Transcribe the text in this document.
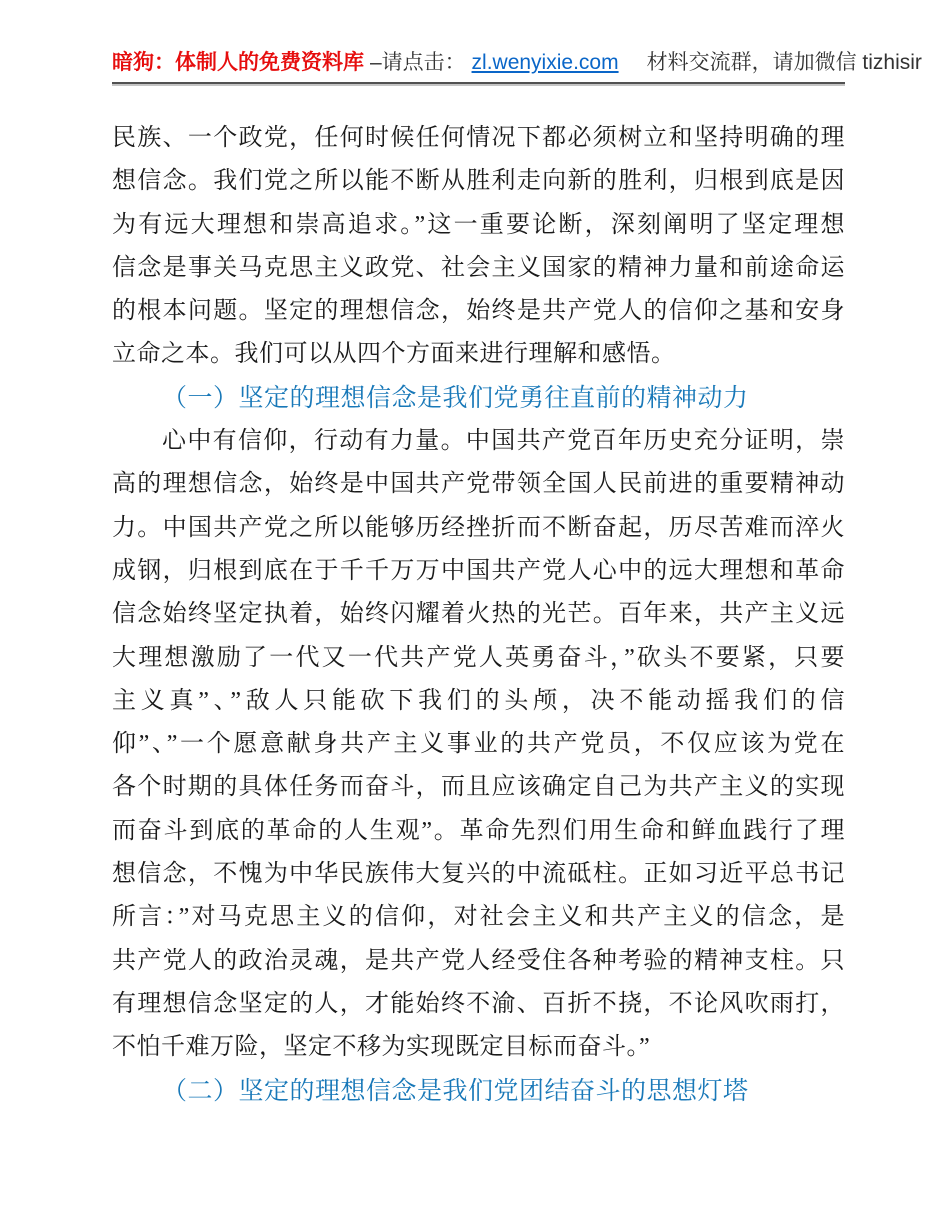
暗狗：体制人的免费资料库 –请点击： zl.wenyixie.com 材料交流群，请加微信 tizhisir
民族、一个政党，任何时候任何情况下都必须树立和坚持明确的理
想信念。我们党之所以能不断从胜利走向新的胜利，归根到底是因
为有远大理想和崇高追求。”这一重要论断，深刻阐明了坚定理想
信念是事关马克思主义政党、社会主义国家的精神力量和前途命运
的根本问题。坚定的理想信念，始终是共产党人的信仰之基和安身
立命之本。我们可以从四个方面来进行理解和感悟。
（一）坚定的理想信念是我们党勇往直前的精神动力
心中有信仰，行动有力量。中国共产党百年历史充分证明，崇
高的理想信念，始终是中国共产党带领全国人民前进的重要精神动
力。中国共产党之所以能够历经挫折而不断奋起，历尽苦难而淬火
成钢，归根到底在于千千万万中国共产党人心中的远大理想和革命
信念始终坚定执着，始终闪耀着火热的光芒。百年来，共产主义远
大理想激励了一代又一代共产党人英勇奋斗，”砍头不要紧，只要
主义真”、”敌人只能砍下我们的头颅，决不能动摇我们的信
仰”、”一个愿意献身共产主义事业的共产党员，不仅应该为党在
各个时期的具体任务而奋斗，而且应该确定自己为共产主义的实现
而奋斗到底的革命的人生观”。革命先烈们用生命和鲜血践行了理
想信念，不愧为中华民族伟大复兴的中流砥柱。正如习近平总书记
所言：”对马克思主义的信仰，对社会主义和共产主义的信念，是
共产党人的政治灵魂，是共产党人经受住各种考验的精神支柱。只
有理想信念坚定的人，才能始终不渝、百折不挠，不论风吹雨打，
不怕千难万险，坚定不移为实现既定目标而奋斗。”
（二）坚定的理想信念是我们党团结奋斗的思想灯塔
